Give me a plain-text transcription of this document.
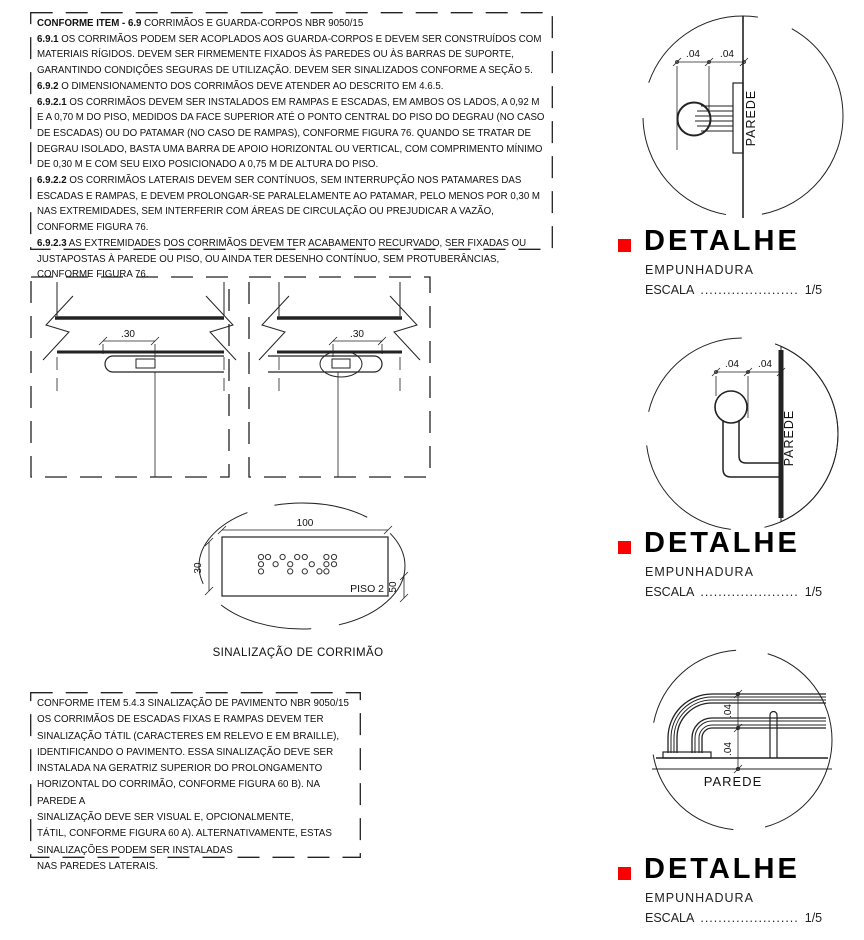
CONFORME ITEM - 6.9 CORRIMÃOS E GUARDA-CORPOS NBR 9050/15
6.9.1 OS CORRIMÃOS PODEM SER ACOPLADOS AOS GUARDA-CORPOS E DEVEM SER CONSTRUÍDOS COM MATERIAIS RÍGIDOS. DEVEM SER FIRMEMENTE FIXADOS ÀS PAREDES OU ÀS BARRAS DE SUPORTE, GARANTINDO CONDIÇÕES SEGURAS DE UTILIZAÇÃO. DEVEM SER SINALIZADOS CONFORME A SEÇÃO 5.
6.9.2 O DIMENSIONAMENTO DOS CORRIMÃOS DEVE ATENDER AO DESCRITO EM 4.6.5.
6.9.2.1 OS CORRIMÃOS DEVEM SER INSTALADOS EM RAMPAS E ESCADAS, EM AMBOS OS LADOS, A 0,92 M E A 0,70 M DO PISO, MEDIDOS DA FACE SUPERIOR ATÉ O PONTO CENTRAL DO PISO DO DEGRAU (NO CASO DE ESCADAS) OU DO PATAMAR (NO CASO DE RAMPAS), CONFORME FIGURA 76. QUANDO SE TRATAR DE DEGRAU ISOLADO, BASTA UMA BARRA DE APOIO HORIZONTAL OU VERTICAL, COM COMPRIMENTO MÍNIMO DE 0,30 M E COM SEU EIXO POSICIONADO A 0,75 M DE ALTURA DO PISO.
6.9.2.2 OS CORRIMÃOS LATERAIS DEVEM SER CONTÍNUOS, SEM INTERRUPÇÃO NOS PATAMARES DAS ESCADAS E RAMPAS, E DEVEM PROLONGAR-SE PARALELAMENTE AO PATAMAR, PELO MENOS POR 0,30 M NAS EXTREMIDADES, SEM INTERFERIR COM ÁREAS DE CIRCULAÇÃO OU PREJUDICAR A VAZÃO, CONFORME FIGURA 76.
6.9.2.3 AS EXTREMIDADES DOS CORRIMÃOS DEVEM TER ACABAMENTO RECURVADO, SER FIXADAS OU JUSTAPOSTAS À PAREDE OU PISO, OU AINDA TER DESENHO CONTÍNUO, SEM PROTUBERÂNCIAS, CONFORME FIGURA 76.
.30	.30
100
30
50
PISO 2
SINALIZAÇÃO DE CORRIMÃO
.04 .04
PAREDE
DETALHE
EMPUNHADURA
ESCALA ...................... 1/5
.04 .04
PAREDE
DETALHE
EMPUNHADURA
ESCALA ...................... 1/5
.04
.04
PAREDE
DETALHE
EMPUNHADURA
ESCALA ...................... 1/5
CONFORME ITEM 5.4.3 SINALIZAÇÃO DE PAVIMENTO NBR 9050/15
OS CORRIMÃOS DE ESCADAS FIXAS E RAMPAS DEVEM TER
SINALIZAÇÃO TÁTIL (CARACTERES EM RELEVO E EM BRAILLE),
IDENTIFICANDO O PAVIMENTO. ESSA SINALIZAÇÃO DEVE SER
INSTALADA NA GERATRIZ SUPERIOR DO PROLONGAMENTO
HORIZONTAL DO CORRIMÃO, CONFORME FIGURA 60 B). NA PAREDE A
SINALIZAÇÃO DEVE SER VISUAL E, OPCIONALMENTE,
TÁTIL, CONFORME FIGURA 60 A). ALTERNATIVAMENTE, ESTAS
SINALIZAÇÕES PODEM SER INSTALADAS
NAS PAREDES LATERAIS.
